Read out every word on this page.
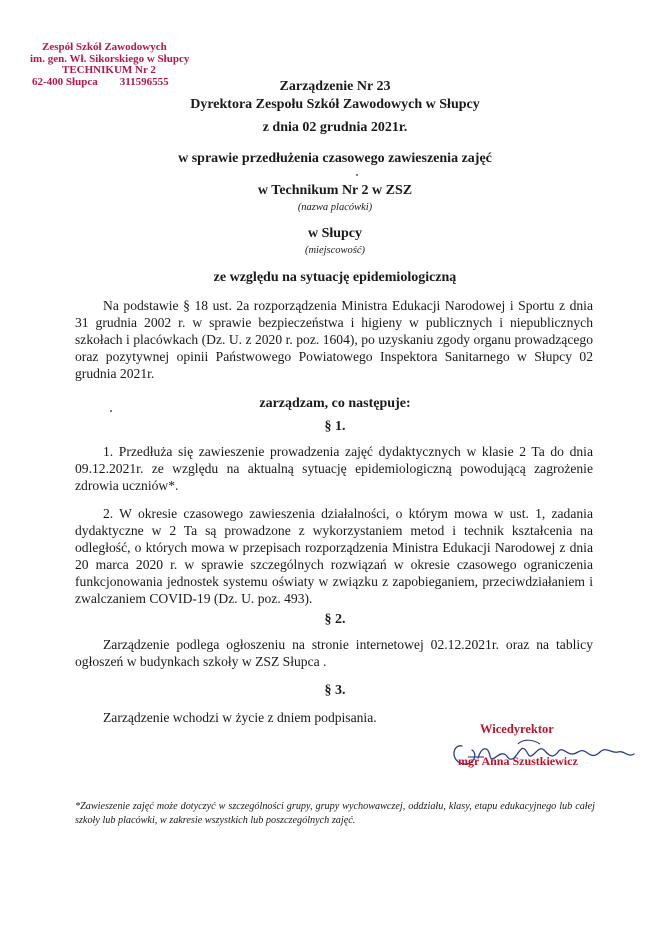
Zespół Szkół Zawodowych
im. gen. Wł. Sikorskiego w Słupcy
TECHNIKUM Nr 2
62-400 Słupca 311596555	Zarządzenie Nr 23
Dyrektora Zespołu Szkół Zawodowych w Słupcy
z dnia 02 grudnia 2021r.
w sprawie przedłużenia czasowego zawieszenia zajęć
w Technikum Nr 2 w ZSZ
(nazwa placówki)
w Słupcy
(miejscowość)
ze względu na sytuację epidemiologiczną
Na podstawie § 18 ust. 2a rozporządzenia Ministra Edukacji Narodowej i Sportu z dnia 31 grudnia 2002 r. w sprawie bezpieczeństwa i higieny w publicznych i niepublicznych szkołach i placówkach (Dz. U. z 2020 r. poz. 1604), po uzyskaniu zgody organu prowadzącego oraz pozytywnej opinii Państwowego Powiatowego Inspektora Sanitarnego w Słupcy 02 grudnia 2021r.
zarządzam, co następuje:
§ 1.
1. Przedłuża się zawieszenie prowadzenia zajęć dydaktycznych w klasie 2 Ta do dnia 09.12.2021r. ze względu na aktualną sytuację epidemiologiczną powodującą zagrożenie zdrowia uczniów*.
2. W okresie czasowego zawieszenia działalności, o którym mowa w ust. 1, zadania dydaktyczne w 2 Ta są prowadzone z wykorzystaniem metod i technik kształcenia na odległość, o których mowa w przepisach rozporządzenia Ministra Edukacji Narodowej z dnia 20 marca 2020 r. w sprawie szczególnych rozwiązań w okresie czasowego ograniczenia funkcjonowania jednostek systemu oświaty w związku z zapobieganiem, przeciwdziałaniem i zwalczaniem COVID-19 (Dz. U. poz. 493).
§ 2.
Zarządzenie podlega ogłoszeniu na stronie internetowej 02.12.2021r. oraz na tablicy ogłoszeń w budynkach szkoły w ZSZ Słupca .
§ 3.
Zarządzenie wchodzi w życie z dniem podpisania.
Wicedyrektor
mgr Anna Szustkiewicz
*Zawieszenie zajęć może dotyczyć w szczególności grupy, grupy wychowawczej, oddziału, klasy, etapu edukacyjnego lub całej szkoły lub placówki, w zakresie wszystkich lub poszczególnych zajęć.
